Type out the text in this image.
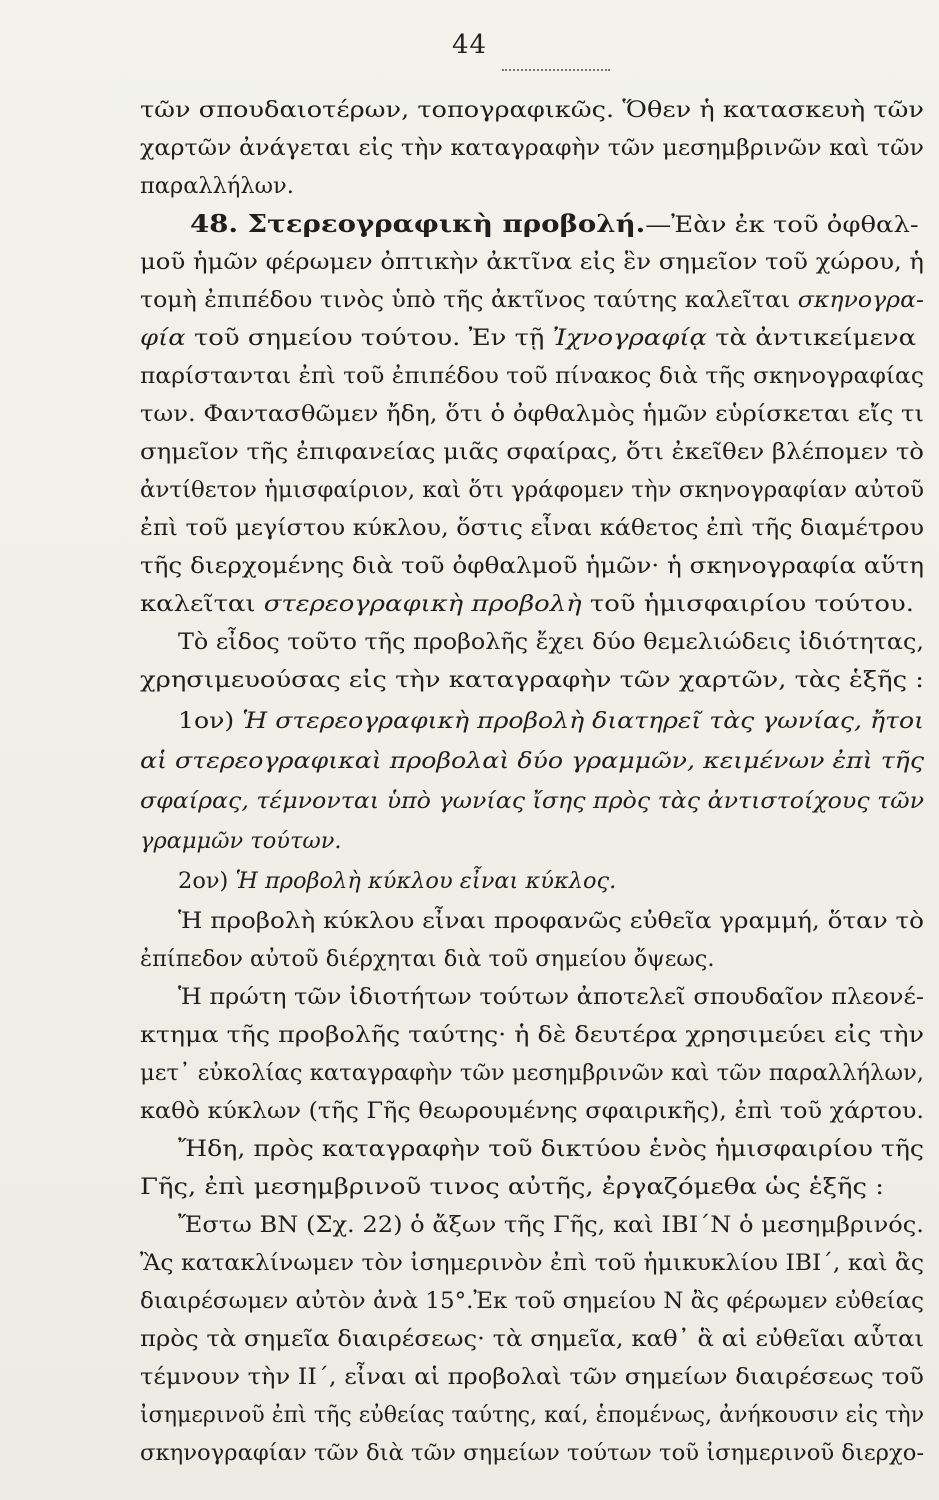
44
τῶν σπουδαιοτέρων, τοπογραφικῶς. Ὅθεν ἡ κατασκευὴ τῶν
χαρτῶν ἀνάγεται εἰς τὴν καταγραφὴν τῶν μεσημβρινῶν καὶ τῶν
παραλλήλων.
48. Στερεογραφικὴ προβολή.—Ἐὰν ἐκ τοῦ ὀφθαλ-
μοῦ ἡμῶν φέρωμεν ὀπτικὴν ἀκτῖνα εἰς ἓν σημεῖον τοῦ χώρου, ἡ
τομὴ ἐπιπέδου τινὸς ὑπὸ τῆς ἀκτῖνος ταύτης καλεῖται σκηνογρα-
φία τοῦ σημείου τούτου. Ἐν τῇ Ἰχνογραφίᾳ τὰ ἀντικείμενα
παρίστανται ἐπὶ τοῦ ἐπιπέδου τοῦ πίνακος διὰ τῆς σκηνογραφίας
των. Φαντασθῶμεν ἤδη, ὅτι ὁ ὀφθαλμὸς ἡμῶν εὑρίσκεται εἴς τι
σημεῖον τῆς ἐπιφανείας μιᾶς σφαίρας, ὅτι ἐκεῖθεν βλέπομεν τὸ
ἀντίθετον ἡμισφαίριον, καὶ ὅτι γράφομεν τὴν σκηνογραφίαν αὐτοῦ
ἐπὶ τοῦ μεγίστου κύκλου, ὅστις εἶναι κάθετος ἐπὶ τῆς διαμέτρου
τῆς διερχομένης διὰ τοῦ ὀφθαλμοῦ ἡμῶν· ἡ σκηνογραφία αὕτη
καλεῖται στερεογραφικὴ προβολὴ τοῦ ἡμισφαιρίου τούτου.
Τὸ εἶδος τοῦτο τῆς προβολῆς ἔχει δύο θεμελιώδεις ἰδιότητας,
χρησιμευούσας εἰς τὴν καταγραφὴν τῶν χαρτῶν, τὰς ἑξῆς :
1ον) Ἡ στερεογραφικὴ προβολὴ διατηρεῖ τὰς γωνίας, ἤτοι
αἱ στερεογραφικαὶ προβολαὶ δύο γραμμῶν, κειμένων ἐπὶ τῆς
σφαίρας, τέμνονται ὑπὸ γωνίας ἴσης πρὸς τὰς ἀντιστοίχους τῶν
γραμμῶν τούτων.
2ον) Ἡ προβολὴ κύκλου εἶναι κύκλος.
Ἡ προβολὴ κύκλου εἶναι προφανῶς εὐθεῖα γραμμή, ὅταν τὸ
ἐπίπεδον αὐτοῦ διέρχηται διὰ τοῦ σημείου ὄψεως.
Ἡ πρώτη τῶν ἰδιοτήτων τούτων ἀποτελεῖ σπουδαῖον πλεονέ-
κτημα τῆς προβολῆς ταύτης· ἡ δὲ δευτέρα χρησιμεύει εἰς τὴν
μετ᾽ εὐκολίας καταγραφὴν τῶν μεσημβρινῶν καὶ τῶν παραλλήλων,
καθὸ κύκλων (τῆς Γῆς θεωρουμένης σφαιρικῆς), ἐπὶ τοῦ χάρτου.
Ἤδη, πρὸς καταγραφὴν τοῦ δικτύου ἑνὸς ἡμισφαιρίου τῆς
Γῆς, ἐπὶ μεσημβρινοῦ τινος αὐτῆς, ἐργαζόμεθα ὡς ἑξῆς :
Ἔστω ΒΝ (Σχ. 22) ὁ ἄξων τῆς Γῆς, καὶ ΙΒΙ΄Ν ὁ μεσημβρινός.
Ἂς κατακλίνωμεν τὸν ἰσημερινὸν ἐπὶ τοῦ ἡμικυκλίου ΙΒΙ΄, καὶ ἂς
διαιρέσωμεν αὐτὸν ἀνὰ 15°.Ἐκ τοῦ σημείου Ν ἂς φέρωμεν εὐθείας
πρὸς τὰ σημεῖα διαιρέσεως· τὰ σημεῖα, καθ᾽ ἃ αἱ εὐθεῖαι αὗται
τέμνουν τὴν ΙΙ΄, εἶναι αἱ προβολαὶ τῶν σημείων διαιρέσεως τοῦ
ἰσημερινοῦ ἐπὶ τῆς εὐθείας ταύτης, καί, ἑπομένως, ἀνήκουσιν εἰς τὴν
σκηνογραφίαν τῶν διὰ τῶν σημείων τούτων τοῦ ἰσημερινοῦ διερχο-
